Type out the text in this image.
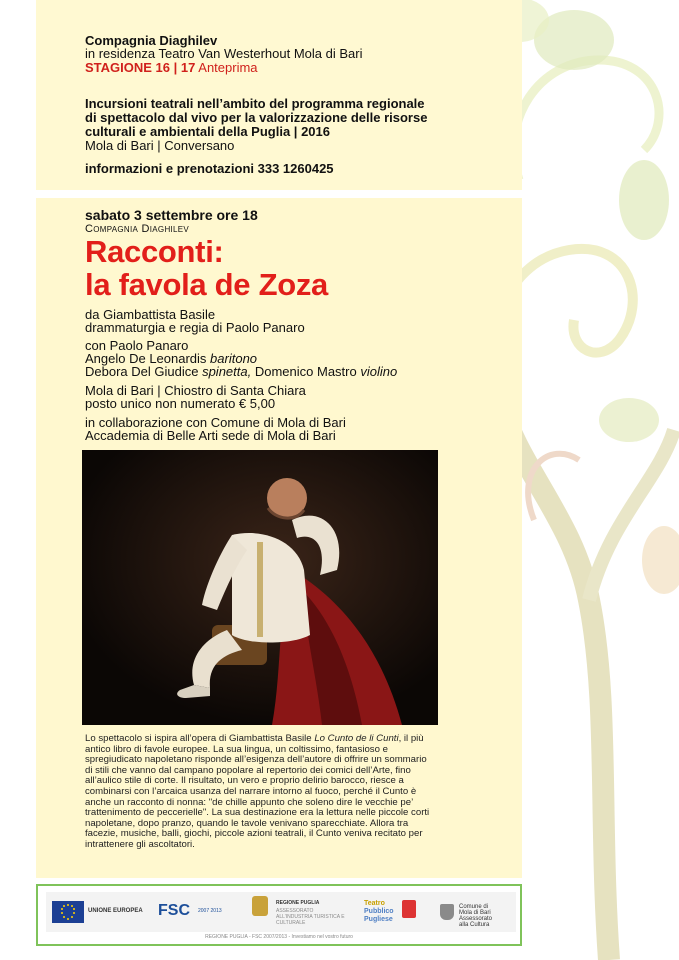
Compagnia Diaghilev
in residenza Teatro Van Westerhout Mola di Bari
STAGIONE 16 | 17 Anteprima
Incursioni teatrali nell’ambito del programma regionale
di spettacolo dal vivo per la valorizzazione delle risorse
culturali e ambientali della Puglia | 2016
Mola di Bari | Conversano
informazioni e prenotazioni 333 1260425
sabato 3 settembre ore 18
Compagnia Diaghilev
Racconti:
la favola de Zoza
da Giambattista Basile
drammaturgia e regia di Paolo Panaro
con Paolo Panaro
Angelo De Leonardis baritono
Debora Del Giudice spinetta, Domenico Mastro violino
Mola di Bari | Chiostro di Santa Chiara
posto unico non numerato € 5,00
in collaborazione con Comune di Mola di Bari
Accademia di Belle Arti sede di Mola di Bari
Lo spettacolo si ispira all’opera di Giambattista Basile Lo Cunto de li Cunti, il più antico libro di favole europee. La sua lingua, un coltissimo, fantasioso e spregiudicato napoletano risponde all’esigenza dell’autore di offrire un sommario di stili che vanno dal campano popolare al repertorio dei comici dell’Arte, fino all’aulico stile di corte. Il risultato, un vero e proprio delirio barocco, riesce a combinarsi con l’arcaica usanza del narrare intorno al fuoco, perché il Cunto è anche un racconto di nonna: "de chille appunto che soleno dire le vecchie pe’ trattenimento de peccerielle". La sua destinazione era la lettura nelle piccole corti napoletane, dopo pranzo, quando le tavole venivano sparecchiate. Allora tra facezie, musiche, balli, giochi, piccole azioni teatrali, il Cunto veniva recitato per intrattenere gli ascoltatori.
UNIONE EUROPEA FSC 2007 2013
REGIONE PUGLIA
ASSESSORATO ALL’INDUSTRIA TURISTICA E CULTURALE
Teatro
Pubblico
Pugliese
REGIONE PUGLIA - FSC 2007/2013 - Investiamo nel vostro futuro
Comune di
Mola di Bari
Assessorato
alla Cultura
